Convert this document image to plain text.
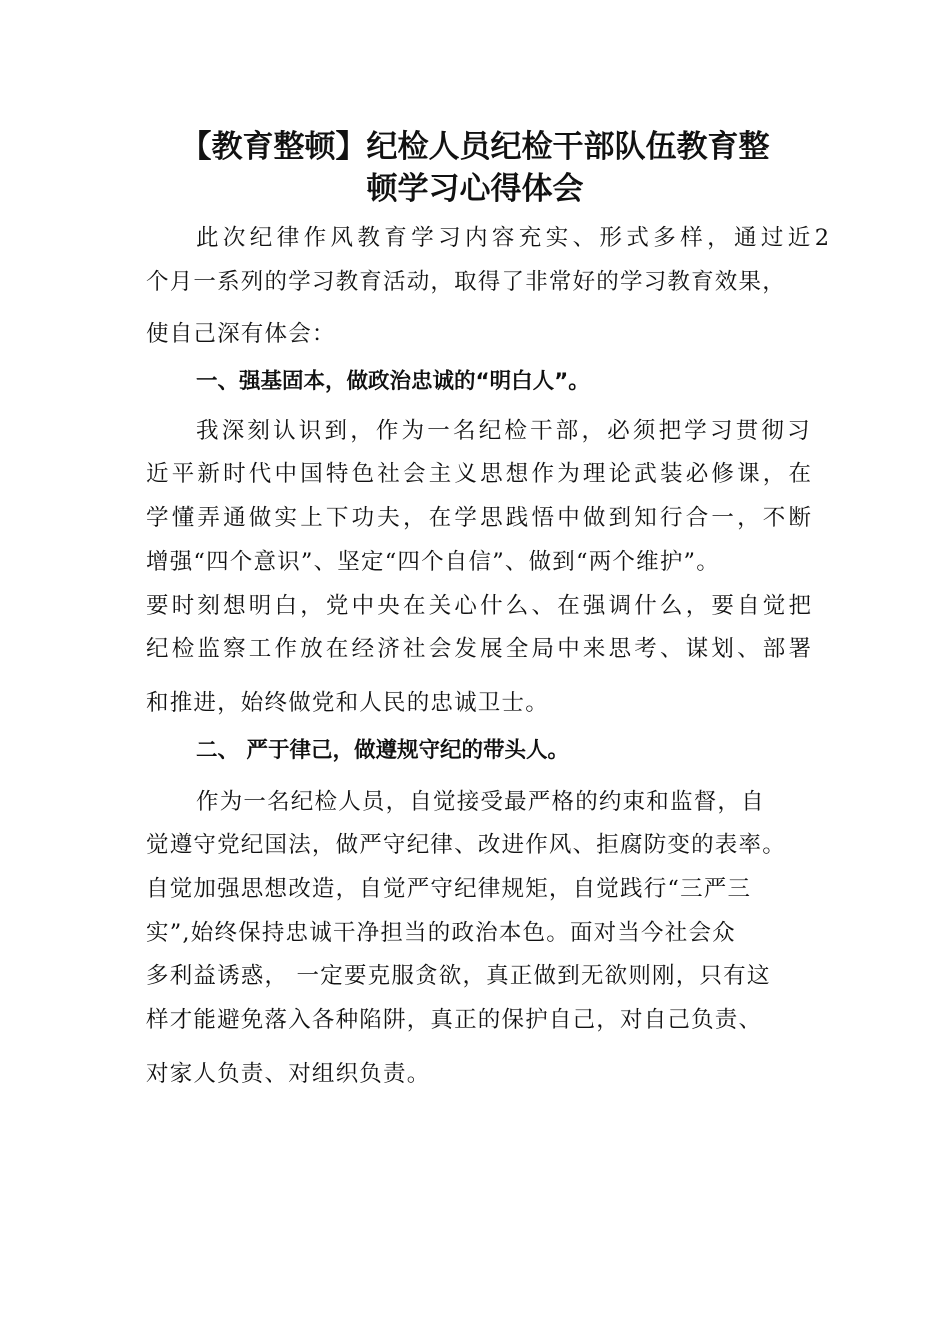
【教育整顿】纪检人员纪检干部队伍教育整
顿学习心得体会

此次纪律作风教育学习内容充实、形式多样，通过近2

个月一系列的学习教育活动，取得了非常好的学习教育效果，

使自己深有体会：

一、强基固本，做政治忠诚的“明白人”。

我深刻认识到，作为一名纪检干部，必须把学习贯彻习

近平新时代中国特色社会主义思想作为理论武装必修课，在

学懂弄通做实上下功夫，在学思践悟中做到知行合一，不断

增强“四个意识”、坚定“四个自信”、做到“两个维护”。

要时刻想明白，党中央在关心什么、在强调什么，要自觉把

纪检监察工作放在经济社会发展全局中来思考、谋划、部署

和推进，始终做党和人民的忠诚卫士。

二、 严于律己，做遵规守纪的带头人。

作为一名纪检人员，自觉接受最严格的约束和监督，自

觉遵守党纪国法，做严守纪律、改进作风、拒腐防变的表率。

自觉加强思想改造，自觉严守纪律规矩，自觉践行“三严三

实”,始终保持忠诚干净担当的政治本色。面对当今社会众

多利益诱惑， 一定要克服贪欲，真正做到无欲则刚，只有这

样才能避免落入各种陷阱，真正的保护自己，对自己负责、

对家人负责、对组织负责。
